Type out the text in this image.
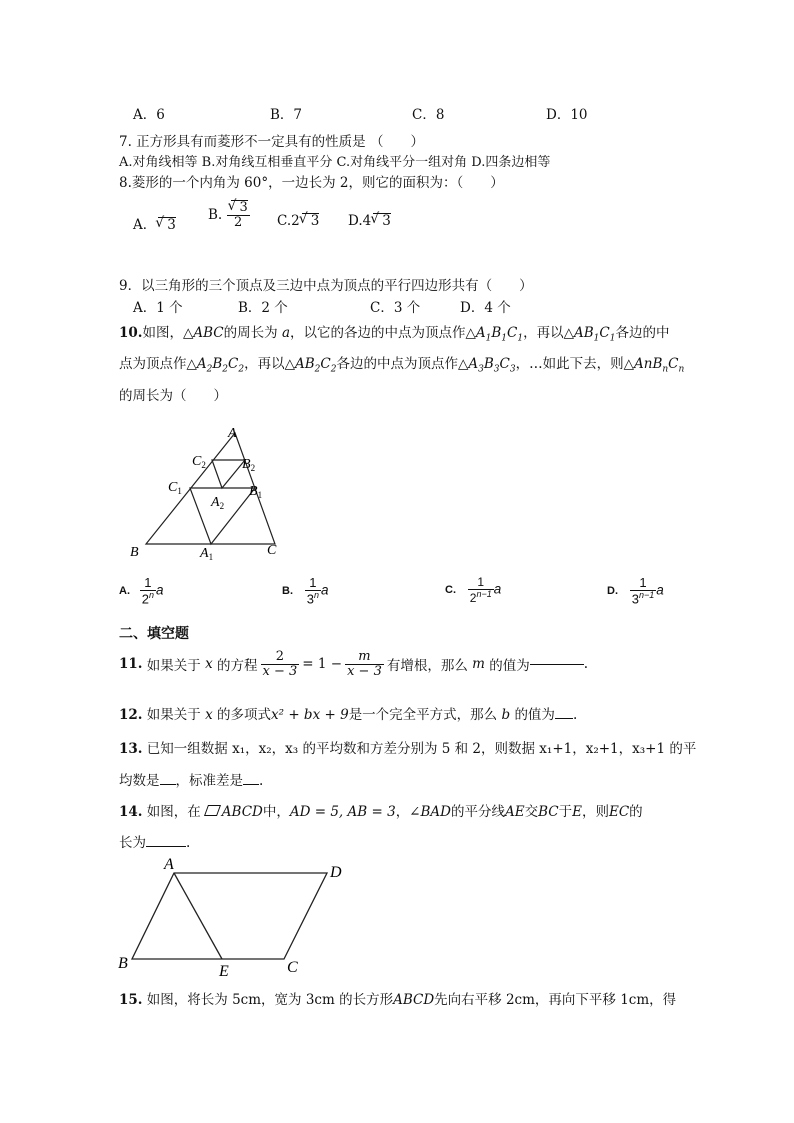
A．6	B．7	C．8	D．10
7. 正方形具有而菱形不一定具有的性质是 （　　）
A.对角线相等 B.对角线互相垂直平分 C.对角线平分一组对角 D.四条边相等
8.菱形的一个内角为 60°，一边长为 2，则它的面积为：（　　）
A．√ 3
B.
√ $\frac{3}{2} C.2√$ 3 D.4√ 3
9．以三角形的三个顶点及三边中点为顶点的平行四边形共有（　　）
A．1 个	B．2 个	C．3 个	D．4 个
10.如图，△ABC的周长为 a，以它的各边的中点为顶点作$\triangle A_1B_1C_1$，再以$\triangle AB_1C_1$各边的中
点为顶点作$\triangle A_2B_2C_2$，再以$\triangle AB_2C_2$各边的中点为顶点作$\triangle A_3B_3C_3$，…如此下去，则$\triangle AnB_nC_n$
的周长为（　　）
A
B	C
$C_1$	$B_1$
$A_1$
$C_2$	$B_2$
$A_2$
A. $\frac{1}{2^n}$ a	B. $\frac{1}{3^n}$ a	C. $\frac{1}{2^{n-1}}$ a	D. $\frac{1}{3^{n-1}}$ a
二、填空题
11.
如果关于
x
的方程 $\frac{2}{x - 3} = 1 - \frac{m}{x - 3}$ 有增根，那么
m
的值为	.
12. 如果关于 x 的多项式x² + bx + 9是一个完全平方式，那么 b 的值为 .
13. 已知一组数据 x₁，x₂，x₃ 的平均数和方差分别为 5 和 2，则数据 x₁+1，x₂+1，x₃+1 的平
均数是 ，标准差是 .
14. 如图，在 ABCD中，AD = 5, AB = 3，∠BAD的平分线AE交BC于E，则EC的
长为	.
A	D
B	E	C
15. 如图，将长为 5cm，宽为 3cm 的长方形ABCD先向右平移 2cm，再向下平移 1cm，得
